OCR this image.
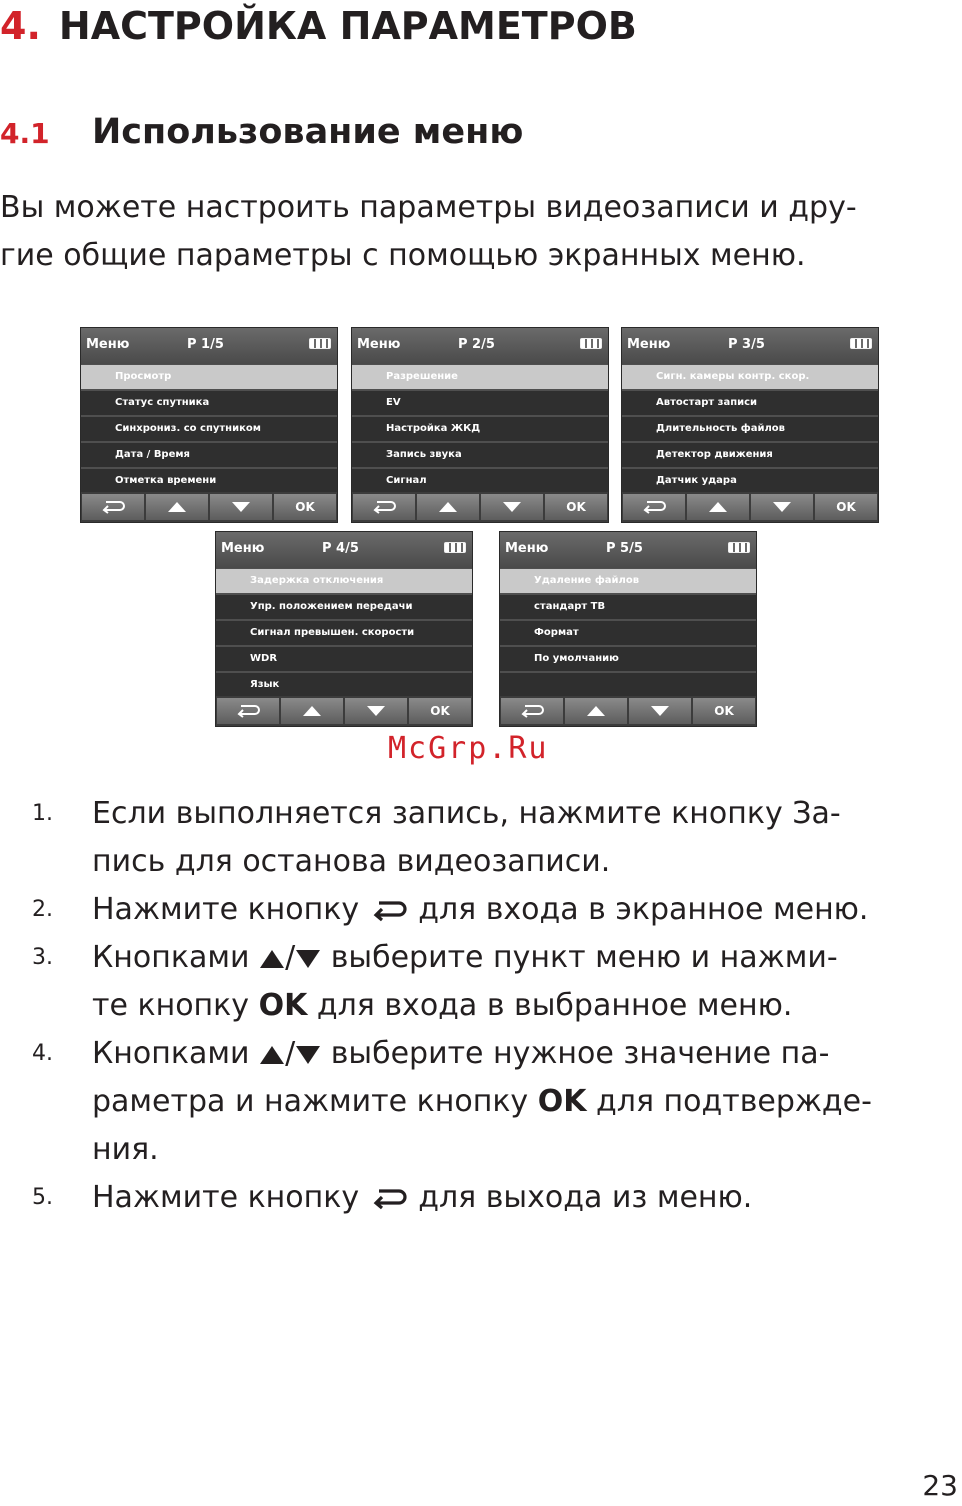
4. НАСТРОЙКА ПАРАМЕТРОВ
4.1 Использование меню

Вы можете настроить параметры видеозаписи и дру-
гие общие параметры с помощью экранных меню.

Меню	P 1/5
Просмотр
Статус спутника
Синхрониз. со спутником
Дата / Время
Отметка времени
OK
Меню	P 2/5
Разрешение
EV
Настройка ЖКД
Запись звука
Сигнал
OK
Меню	P 3/5
Сигн. камеры контр. скор.
Автостарт записи
Длительность файлов
Детектор движения
Датчик удара
OK
Меню	P 4/5
Задержка отключения
Упр. положением передачи
Сигнал превышен. скорости
WDR
Язык
OK
Меню	P 5/5
Удаление файлов
стандарт ТВ
Формат
По умолчанию
OK

McGrp.Ru

1. Если выполняется запись, нажмите кнопку За-
пись для останова видеозаписи.
2. Нажмите кнопку  для входа в экранное меню.
3. Кнопками / выберите пункт меню и нажми-
те кнопку OK для входа в выбранное меню.
4. Кнопками / выберите нужное значение па-
раметра и нажмите кнопку OK для подтвержде-
ния.
5. Нажмите кнопку  для выхода из меню.

23
